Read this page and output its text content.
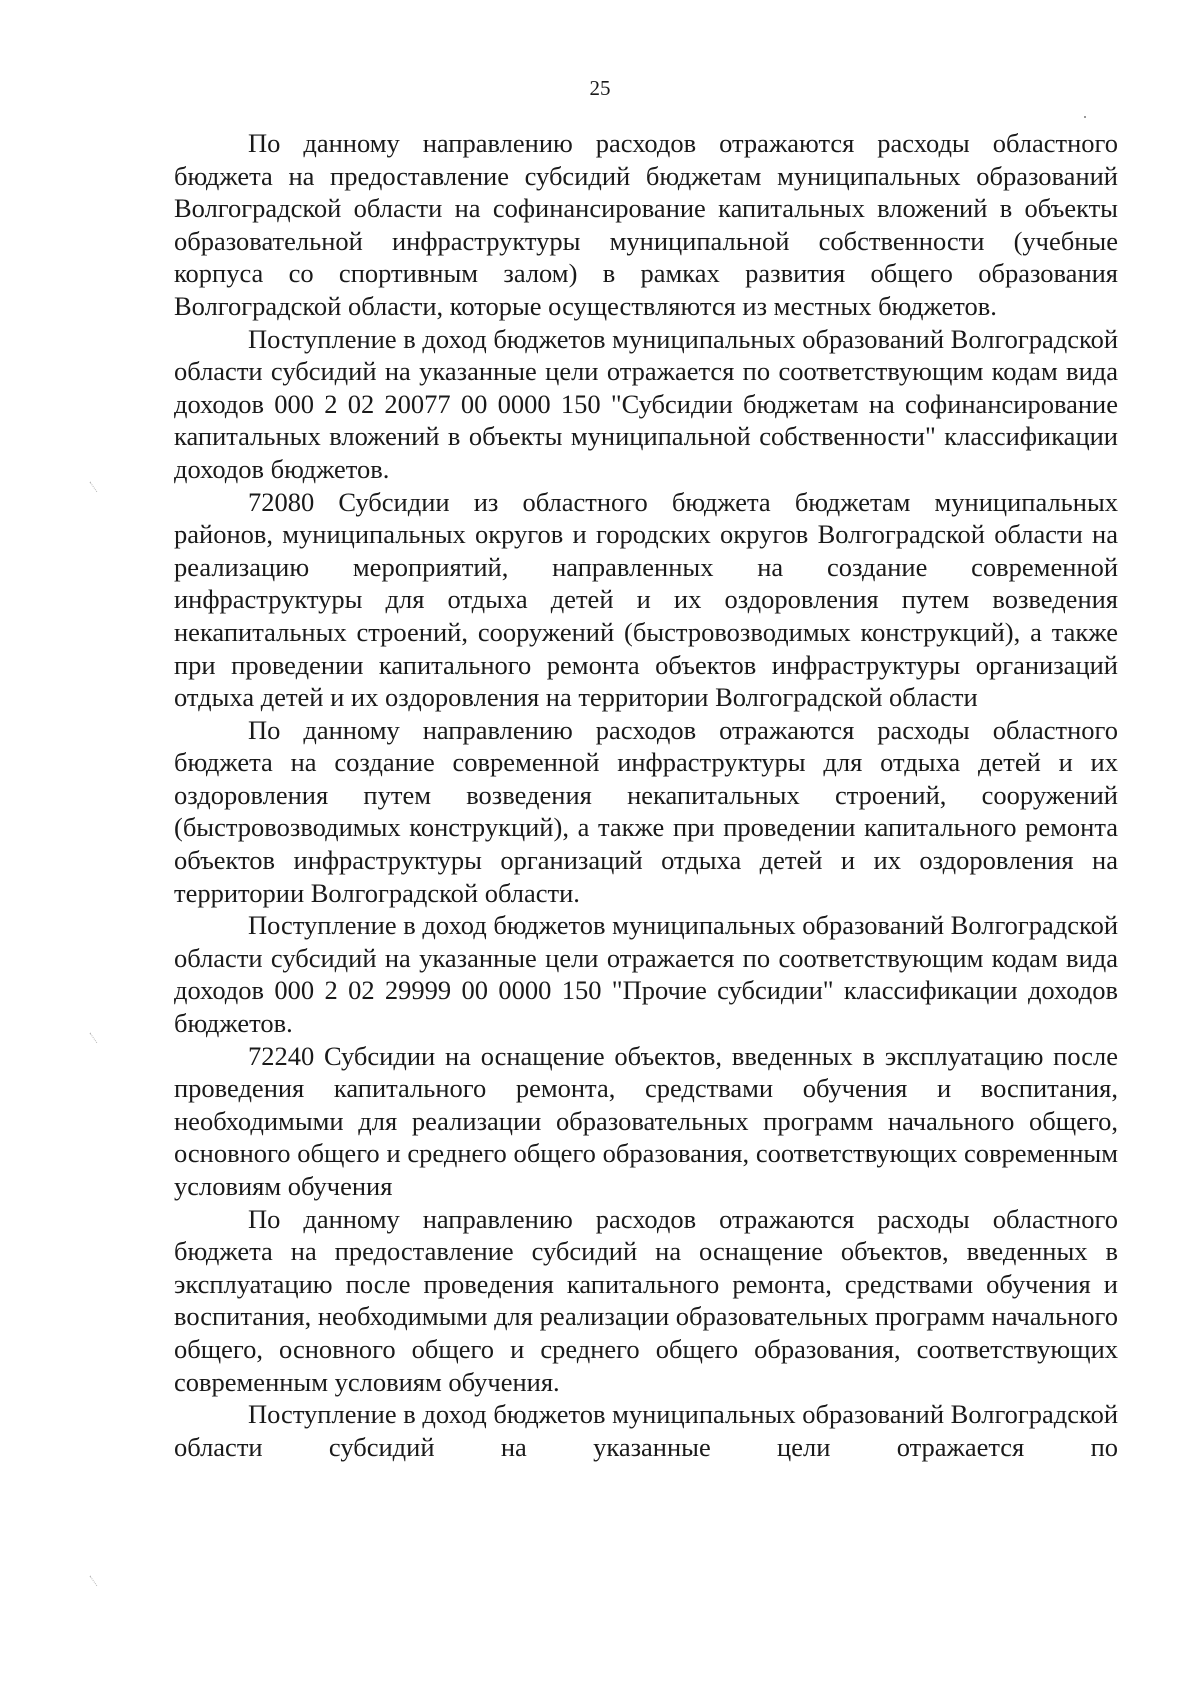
25

По данному направлению расходов отражаются расходы областного бюджета на предоставление субсидий бюджетам муниципальных образований Волгоградской области на софинансирование капитальных вложений в объекты образовательной инфраструктуры муниципальной собственности (учебные корпуса со спортивным залом) в рамках развития общего образования Волгоградской области, которые осуществляются из местных бюджетов.

Поступление в доход бюджетов муниципальных образований Волгоградской области субсидий на указанные цели отражается по соответствующим кодам вида доходов 000 2 02 20077 00 0000 150 "Субсидии бюджетам на софинансирование капитальных вложений в объекты муниципальной собственности" классификации доходов бюджетов.

72080 Субсидии из областного бюджета бюджетам муниципальных районов, муниципальных округов и городских округов Волгоградской области на реализацию мероприятий, направленных на создание современной инфраструктуры для отдыха детей и их оздоровления путем возведения некапитальных строений, сооружений (быстровозводимых конструкций), а также при проведении капитального ремонта объектов инфраструктуры организаций отдыха детей и их оздоровления на территории Волгоградской области

По данному направлению расходов отражаются расходы областного бюджета на создание современной инфраструктуры для отдыха детей и их оздоровления путем возведения некапитальных строений, сооружений (быстровозводимых конструкций), а также при проведении капитального ремонта объектов инфраструктуры организаций отдыха детей и их оздоровления на территории Волгоградской области.

Поступление в доход бюджетов муниципальных образований Волгоградской области субсидий на указанные цели отражается по соответствующим кодам вида доходов 000 2 02 29999 00 0000 150 "Прочие субсидии" классификации доходов бюджетов.

72240 Субсидии на оснащение объектов, введенных в эксплуатацию после проведения капитального ремонта, средствами обучения и воспитания, необходимыми для реализации образовательных программ начального общего, основного общего и среднего общего образования, соответствующих современным условиям обучения

По данному направлению расходов отражаются расходы областного бюджета на предоставление субсидий на оснащение объектов, введенных в эксплуатацию после проведения капитального ремонта, средствами обучения и воспитания, необходимыми для реализации образовательных программ начального общего, основного общего и среднего общего образования, соответствующих современным условиям обучения.

Поступление в доход бюджетов муниципальных образований Волгоградской области субсидий на указанные цели отражается по
